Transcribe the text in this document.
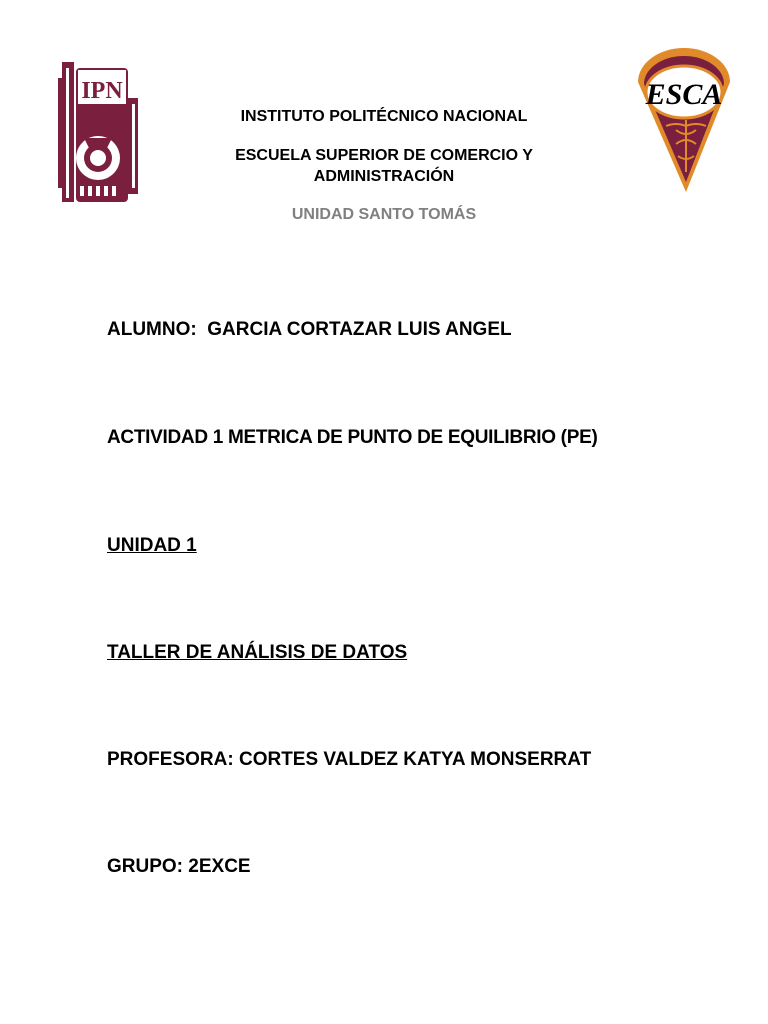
IPN	ESCA
INSTITUTO POLITÉCNICO NACIONAL
ESCUELA SUPERIOR DE COMERCIO Y
ADMINISTRACIÓN
UNIDAD SANTO TOMÁS
ALUMNO: GARCIA CORTAZAR LUIS ANGEL
ACTIVIDAD 1 METRICA DE PUNTO DE EQUILIBRIO (PE)
UNIDAD 1
TALLER DE ANÁLISIS DE DATOS
PROFESORA: CORTES VALDEZ KATYA MONSERRAT
GRUPO: 2EXCE
